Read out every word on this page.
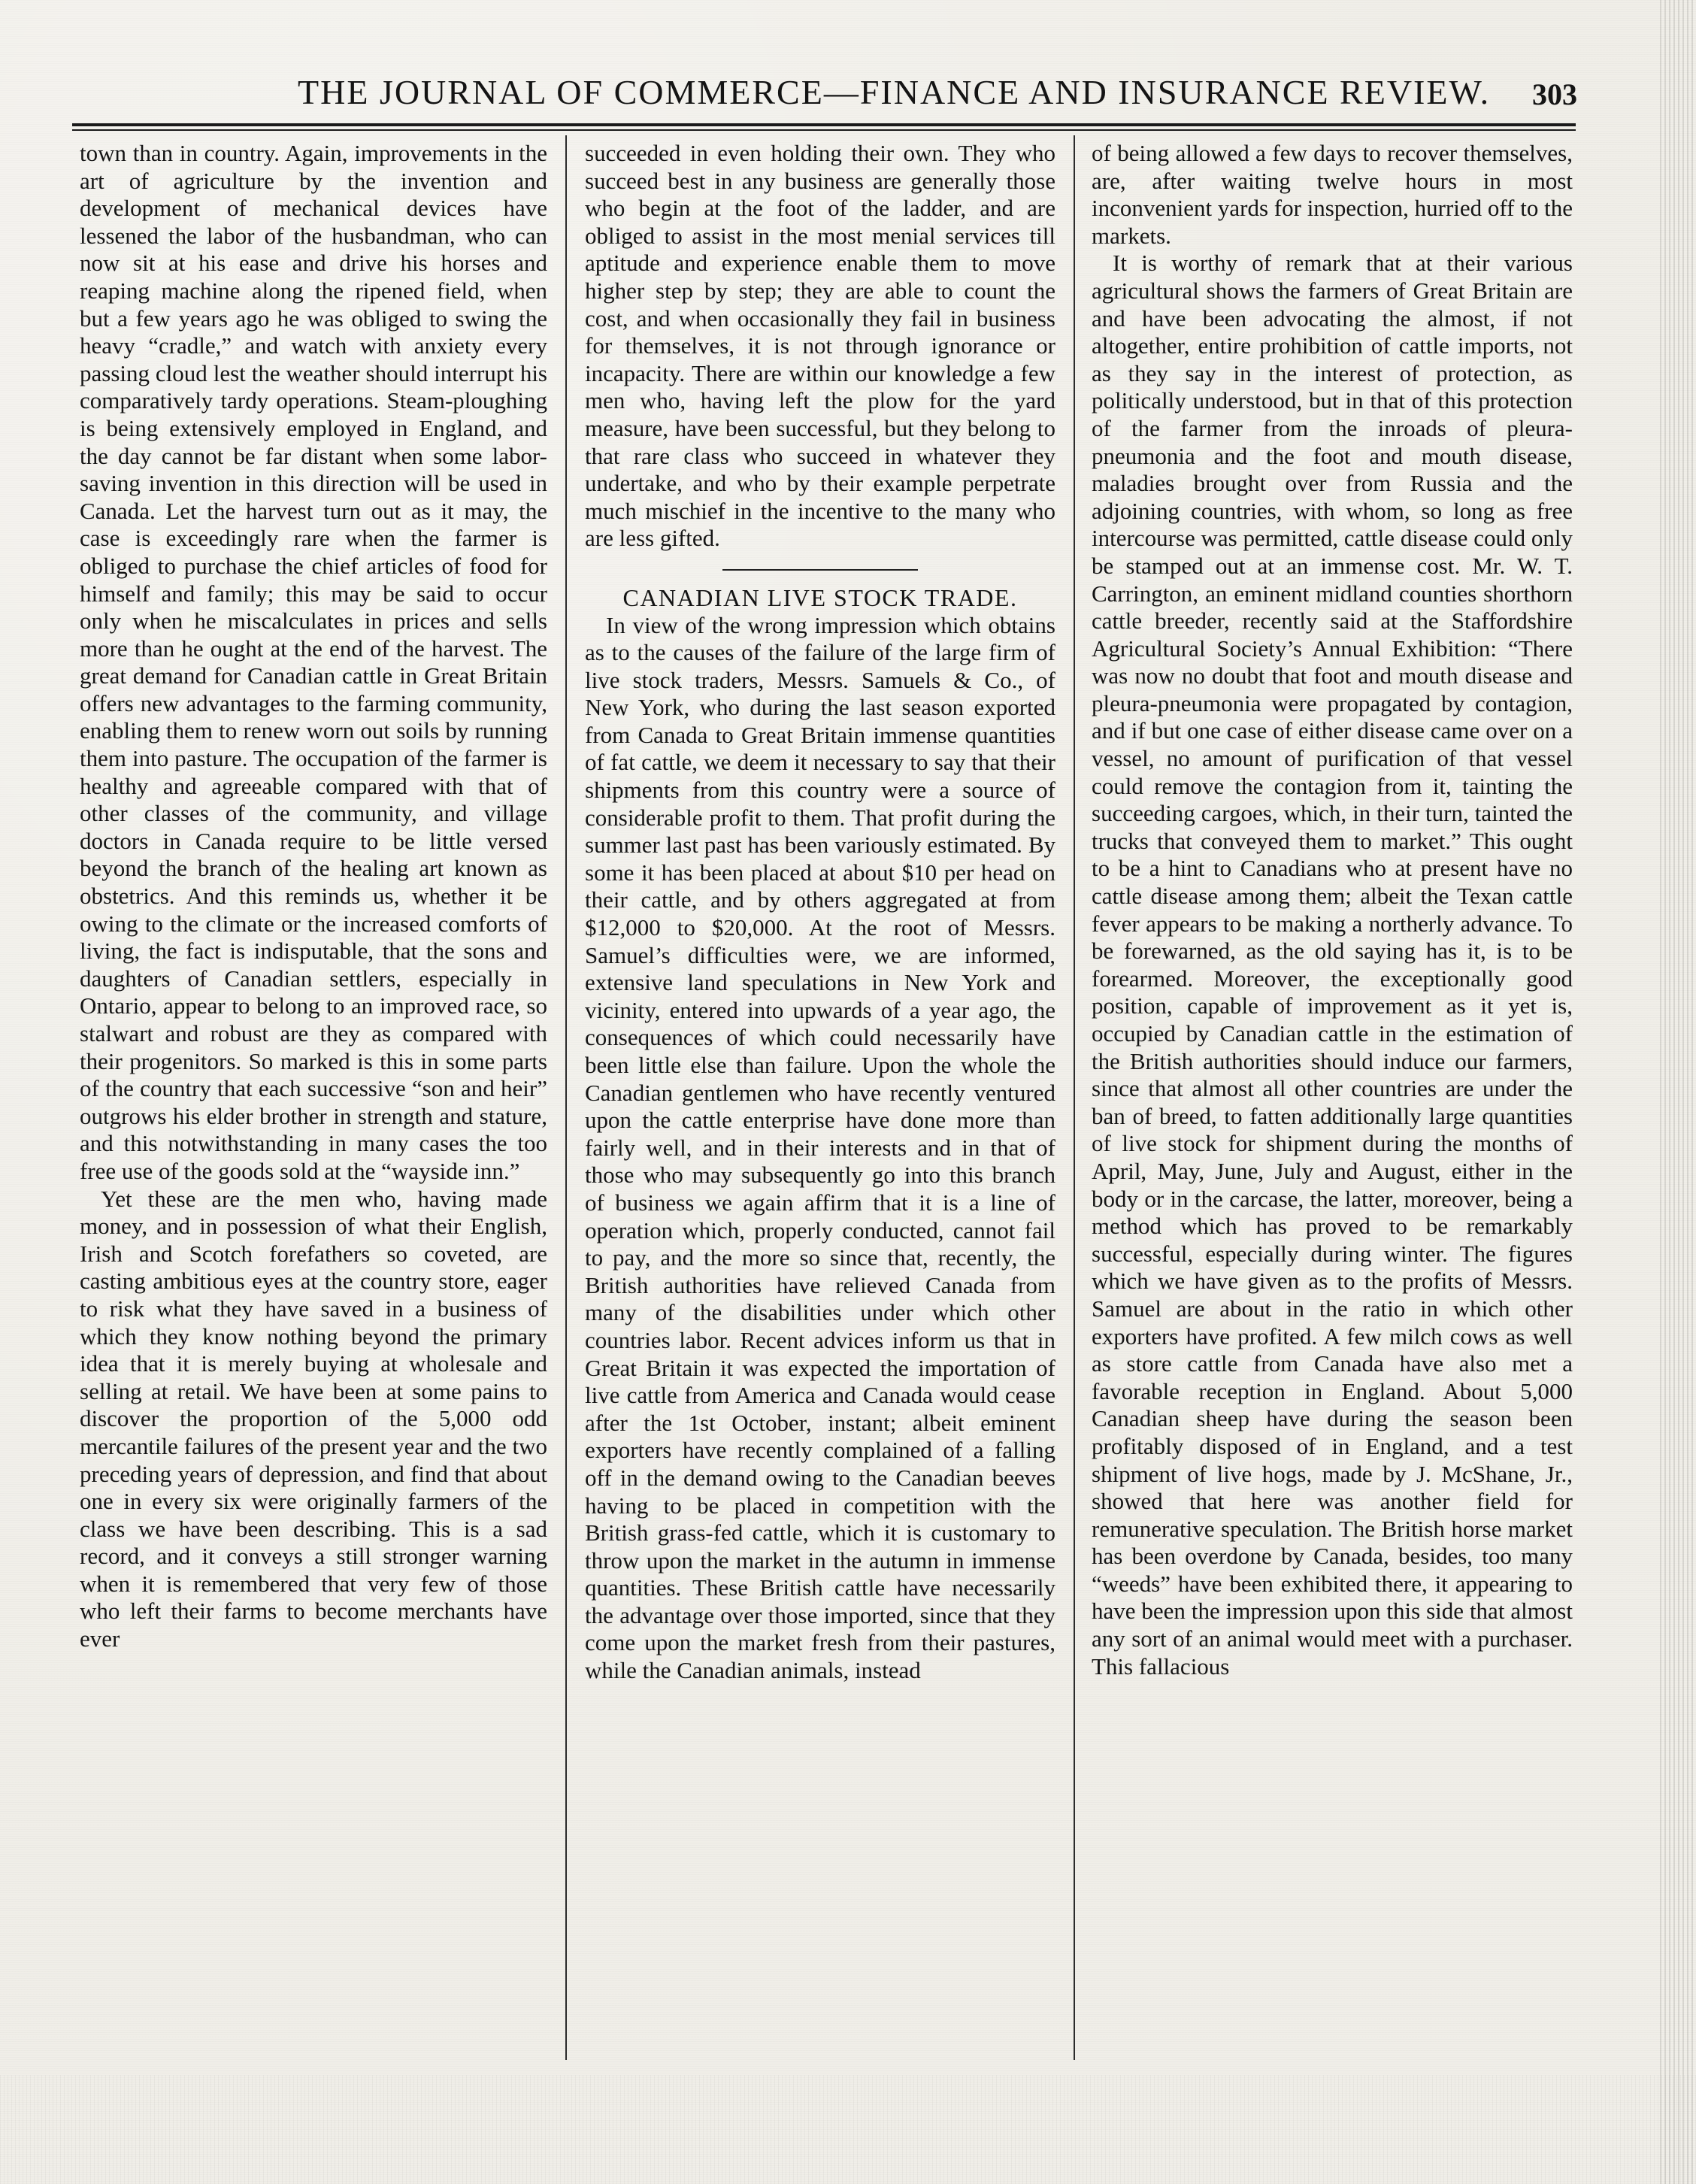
THE JOURNAL OF COMMERCE—FINANCE AND INSURANCE REVIEW. 303

town than in country. Again, improvements in the art of agriculture by the invention and development of mechanical devices have lessened the labor of the husbandman, who can now sit at his ease and drive his horses and reaping machine along the ripened field, when but a few years ago he was obliged to swing the heavy “cradle,” and watch with anxiety every passing cloud lest the weather should interrupt his comparatively tardy operations. Steam-ploughing is being extensively employed in England, and the day cannot be far distant when some labor-saving invention in this direction will be used in Canada. Let the harvest turn out as it may, the case is exceedingly rare when the farmer is obliged to purchase the chief articles of food for himself and family; this may be said to occur only when he miscalculates in prices and sells more than he ought at the end of the harvest. The great demand for Canadian cattle in Great Britain offers new advantages to the farming community, enabling them to renew worn out soils by running them into pasture. The occupation of the farmer is healthy and agreeable compared with that of other classes of the community, and village doctors in Canada require to be little versed beyond the branch of the healing art known as obstetrics. And this reminds us, whether it be owing to the climate or the increased comforts of living, the fact is indisputable, that the sons and daughters of Canadian settlers, especially in Ontario, appear to belong to an improved race, so stalwart and robust are they as compared with their progenitors. So marked is this in some parts of the country that each successive “son and heir” outgrows his elder brother in strength and stature, and this notwithstanding in many cases the too free use of the goods sold at the “wayside inn.”

Yet these are the men who, having made money, and in possession of what their English, Irish and Scotch forefathers so coveted, are casting ambitious eyes at the country store, eager to risk what they have saved in a business of which they know nothing beyond the primary idea that it is merely buying at wholesale and selling at retail. We have been at some pains to discover the proportion of the 5,000 odd mercantile failures of the present year and the two preceding years of depression, and find that about one in every six were originally farmers of the class we have been describing. This is a sad record, and it conveys a still stronger warning when it is remembered that very few of those who left their farms to become merchants have ever

succeeded in even holding their own. They who succeed best in any business are generally those who begin at the foot of the ladder, and are obliged to assist in the most menial services till aptitude and experience enable them to move higher step by step; they are able to count the cost, and when occasionally they fail in business for themselves, it is not through ignorance or incapacity. There are within our knowledge a few men who, having left the plow for the yard measure, have been successful, but they belong to that rare class who succeed in whatever they undertake, and who by their example perpetrate much mischief in the incentive to the many who are less gifted.

CANADIAN LIVE STOCK TRADE.

In view of the wrong impression which obtains as to the causes of the failure of the large firm of live stock traders, Messrs. Samuels & Co., of New York, who during the last season exported from Canada to Great Britain immense quantities of fat cattle, we deem it necessary to say that their shipments from this country were a source of considerable profit to them. That profit during the summer last past has been variously estimated. By some it has been placed at about $10 per head on their cattle, and by others aggregated at from $12,000 to $20,000. At the root of Messrs. Samuel’s difficulties were, we are informed, extensive land speculations in New York and vicinity, entered into upwards of a year ago, the consequences of which could necessarily have been little else than failure. Upon the whole the Canadian gentlemen who have recently ventured upon the cattle enterprise have done more than fairly well, and in their interests and in that of those who may subsequently go into this branch of business we again affirm that it is a line of operation which, properly conducted, cannot fail to pay, and the more so since that, recently, the British authorities have relieved Canada from many of the disabilities under which other countries labor. Recent advices inform us that in Great Britain it was expected the importation of live cattle from America and Canada would cease after the 1st October, instant; albeit eminent exporters have recently complained of a falling off in the demand owing to the Canadian beeves having to be placed in competition with the British grass-fed cattle, which it is customary to throw upon the market in the autumn in immense quantities. These British cattle have necessarily the advantage over those imported, since that they come upon the market fresh from their pastures, while the Canadian animals, instead

of being allowed a few days to recover themselves, are, after waiting twelve hours in most inconvenient yards for inspection, hurried off to the markets.

It is worthy of remark that at their various agricultural shows the farmers of Great Britain are and have been advocating the almost, if not altogether, entire prohibition of cattle imports, not as they say in the interest of protection, as politically understood, but in that of this protection of the farmer from the inroads of pleura-pneumonia and the foot and mouth disease, maladies brought over from Russia and the adjoining countries, with whom, so long as free intercourse was permitted, cattle disease could only be stamped out at an immense cost. Mr. W. T. Carrington, an eminent midland counties shorthorn cattle breeder, recently said at the Staffordshire Agricultural Society’s Annual Exhibition: “There was now no doubt that foot and mouth disease and pleura-pneumonia were propagated by contagion, and if but one case of either disease came over on a vessel, no amount of purification of that vessel could remove the contagion from it, tainting the succeeding cargoes, which, in their turn, tainted the trucks that conveyed them to market.” This ought to be a hint to Canadians who at present have no cattle disease among them; albeit the Texan cattle fever appears to be making a northerly advance. To be forewarned, as the old saying has it, is to be forearmed. Moreover, the exceptionally good position, capable of improvement as it yet is, occupied by Canadian cattle in the estimation of the British authorities should induce our farmers, since that almost all other countries are under the ban of breed, to fatten additionally large quantities of live stock for shipment during the months of April, May, June, July and August, either in the body or in the carcase, the latter, moreover, being a method which has proved to be remarkably successful, especially during winter. The figures which we have given as to the profits of Messrs. Samuel are about in the ratio in which other exporters have profited. A few milch cows as well as store cattle from Canada have also met a favorable reception in England. About 5,000 Canadian sheep have during the season been profitably disposed of in England, and a test shipment of live hogs, made by J. McShane, Jr., showed that here was another field for remunerative speculation. The British horse market has been overdone by Canada, besides, too many “weeds” have been exhibited there, it appearing to have been the impression upon this side that almost any sort of an animal would meet with a purchaser. This fallacious
